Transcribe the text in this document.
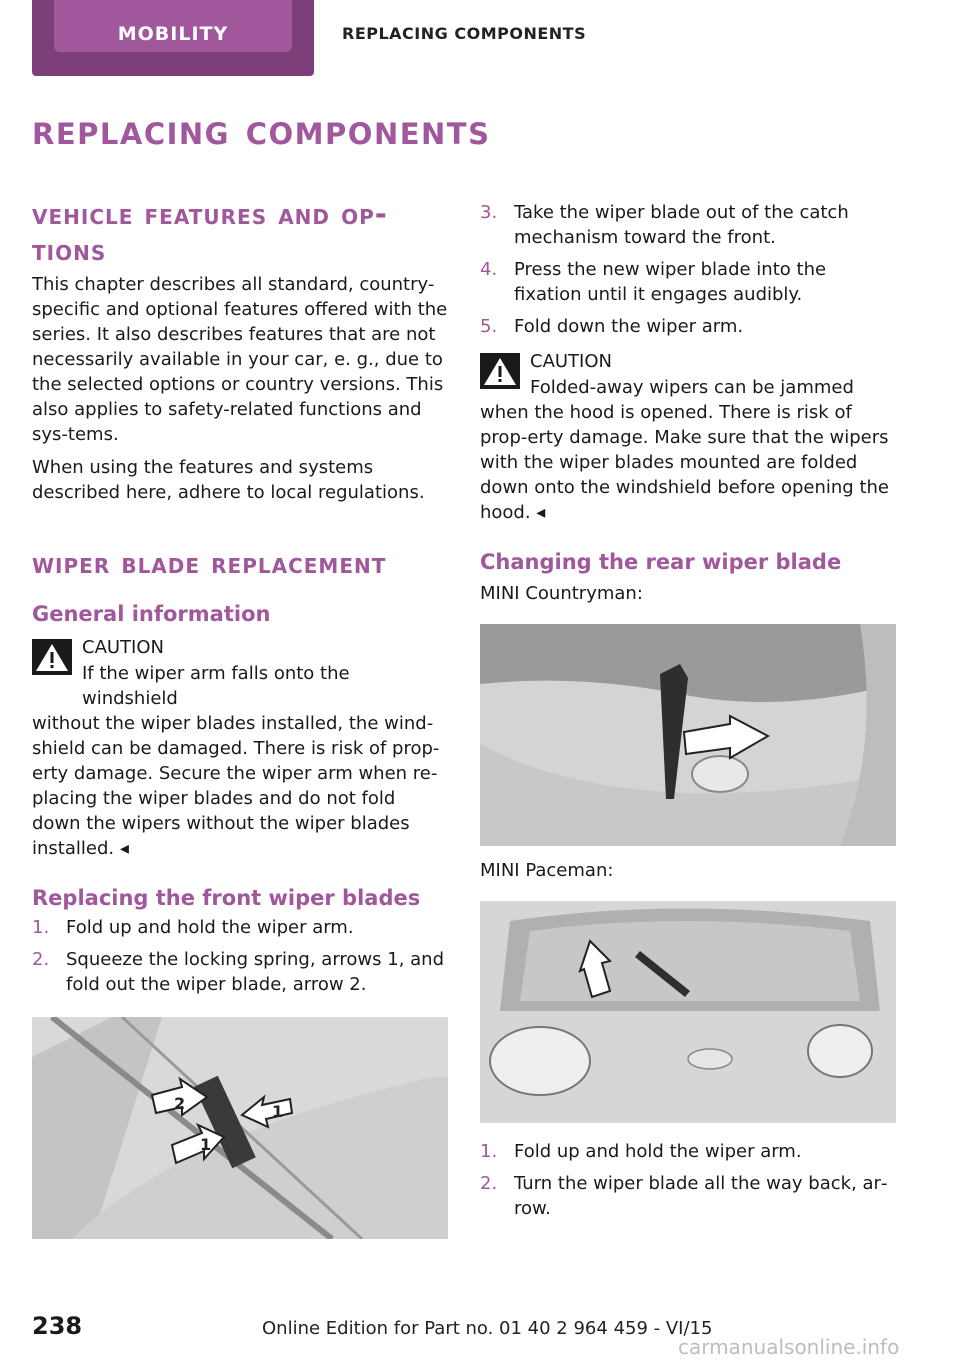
MOBILITY	REPLACING COMPONENTS
replacing components
vehicle features and op‐
tions

This chapter describes all standard, country-specific and optional features offered with the series. It also describes features that are not necessarily available in your car, e. g., due to the selected options or country versions. This also applies to safety-related functions and sys‐tems.

When using the features and systems described here, adhere to local regulations.

wiper blade replacement
General information
CAUTION
If the wiper arm falls onto the windshield
without the wiper blades installed, the wind‐shield can be damaged. There is risk of prop‐erty damage. Secure the wiper arm when re‐placing the wiper blades and do not fold down the wipers without the wiper blades installed. ◂
Replacing the front wiper blades
1. Fold up and hold the wiper arm.
2. Squeeze the locking spring, arrows 1, and fold out the wiper blade, arrow 2.
2	1
1
3. Take the wiper blade out of the catch mechanism toward the front.
4. Press the new wiper blade into the fixation until it engages audibly.
5. Fold down the wiper arm.
CAUTION
Folded-away wipers can be jammed
when the hood is opened. There is risk of prop‐erty damage. Make sure that the wipers with the wiper blades mounted are folded down onto the windshield before opening the hood. ◂
Changing the rear wiper blade

MINI Countryman:

MINI Paceman:

1. Fold up and hold the wiper arm.
2. Turn the wiper blade all the way back, ar‐row.
238	Online Edition for Part no. 01 40 2 964 459 - VI/15
carmanualsonline.info
